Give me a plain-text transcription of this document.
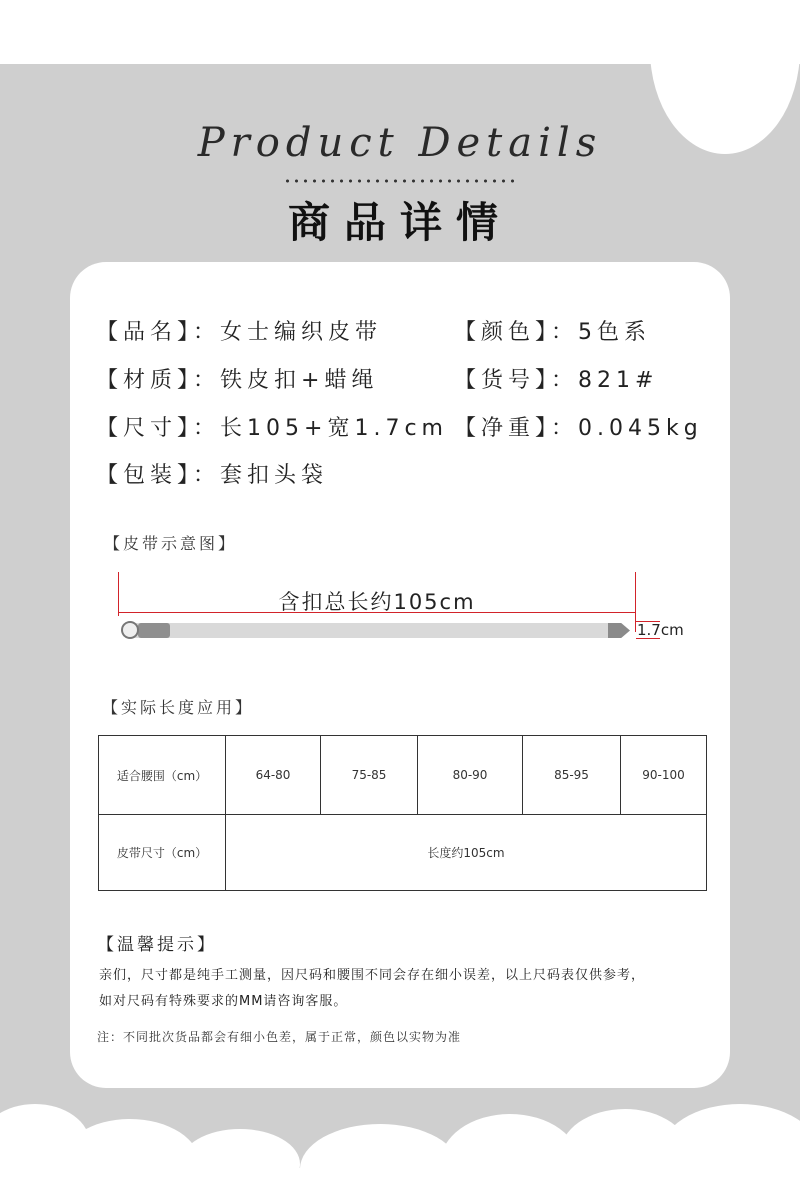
Product Details
商品详情
【品名】：女士编织皮带	【颜色】：5色系
【材质】：铁皮扣+蜡绳	【货号】：821#
【尺寸】：长105+宽1.7cm 【净重】：0.045kg
【包装】：套扣头袋
【皮带示意图】
含扣总长约105cm
1.7cm
【实际长度应用】
适合腰围（cm）	64-80	75-85	80-90	85-95	90-100
皮带尺寸（cm）	长度约105cm				
【温馨提示】
亲们，尺寸都是纯手工测量，因尺码和腰围不同会存在细小误差，以上尺码表仅供参考，
如对尺码有特殊要求的MM请咨询客服。
注：不同批次货品都会有细小色差，属于正常，颜色以实物为准
